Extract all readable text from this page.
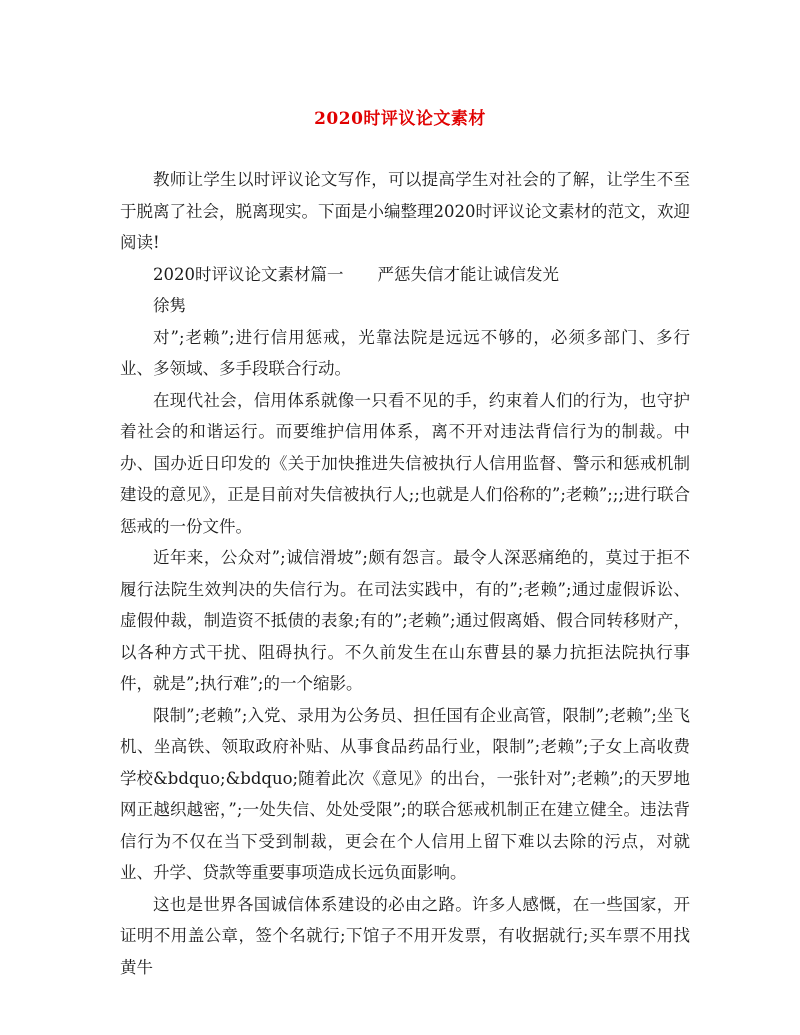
2020时评议论文素材

教师让学生以时评议论文写作，可以提高学生对社会的了解，让学生不至于脱离了社会，脱离现实。下面是小编整理2020时评议论文素材的范文，欢迎阅读!

2020时评议论文素材篇一 严惩失信才能让诚信发光

徐隽

对”;老赖”;进行信用惩戒，光靠法院是远远不够的，必须多部门、多行业、多领域、多手段联合行动。

在现代社会，信用体系就像一只看不见的手，约束着人们的行为，也守护着社会的和谐运行。而要维护信用体系，离不开对违法背信行为的制裁。中办、国办近日印发的《关于加快推进失信被执行人信用监督、警示和惩戒机制建设的意见》，正是目前对失信被执行人;;也就是人们俗称的”;老赖”;;;进行联合惩戒的一份文件。

近年来，公众对”;诚信滑坡”;颇有怨言。最令人深恶痛绝的，莫过于拒不履行法院生效判决的失信行为。在司法实践中，有的”;老赖”;通过虚假诉讼、虚假仲裁，制造资不抵债的表象;有的”;老赖”;通过假离婚、假合同转移财产，以各种方式干扰、阻碍执行。不久前发生在山东曹县的暴力抗拒法院执行事件，就是”;执行难”;的一个缩影。

限制”;老赖”;入党、录用为公务员、担任国有企业高管，限制”;老赖”;坐飞机、坐高铁、领取政府补贴、从事食品药品行业，限制”;老赖”;子女上高收费学校&bdquo;&bdquo;随着此次《意见》的出台，一张针对”;老赖”;的天罗地网正越织越密，”;一处失信、处处受限”;的联合惩戒机制正在建立健全。违法背信行为不仅在当下受到制裁，更会在个人信用上留下难以去除的污点，对就业、升学、贷款等重要事项造成长远负面影响。

这也是世界各国诚信体系建设的必由之路。许多人感慨，在一些国家，开证明不用盖公章，签个名就行;下馆子不用开发票，有收据就行;买车票不用找黄牛
